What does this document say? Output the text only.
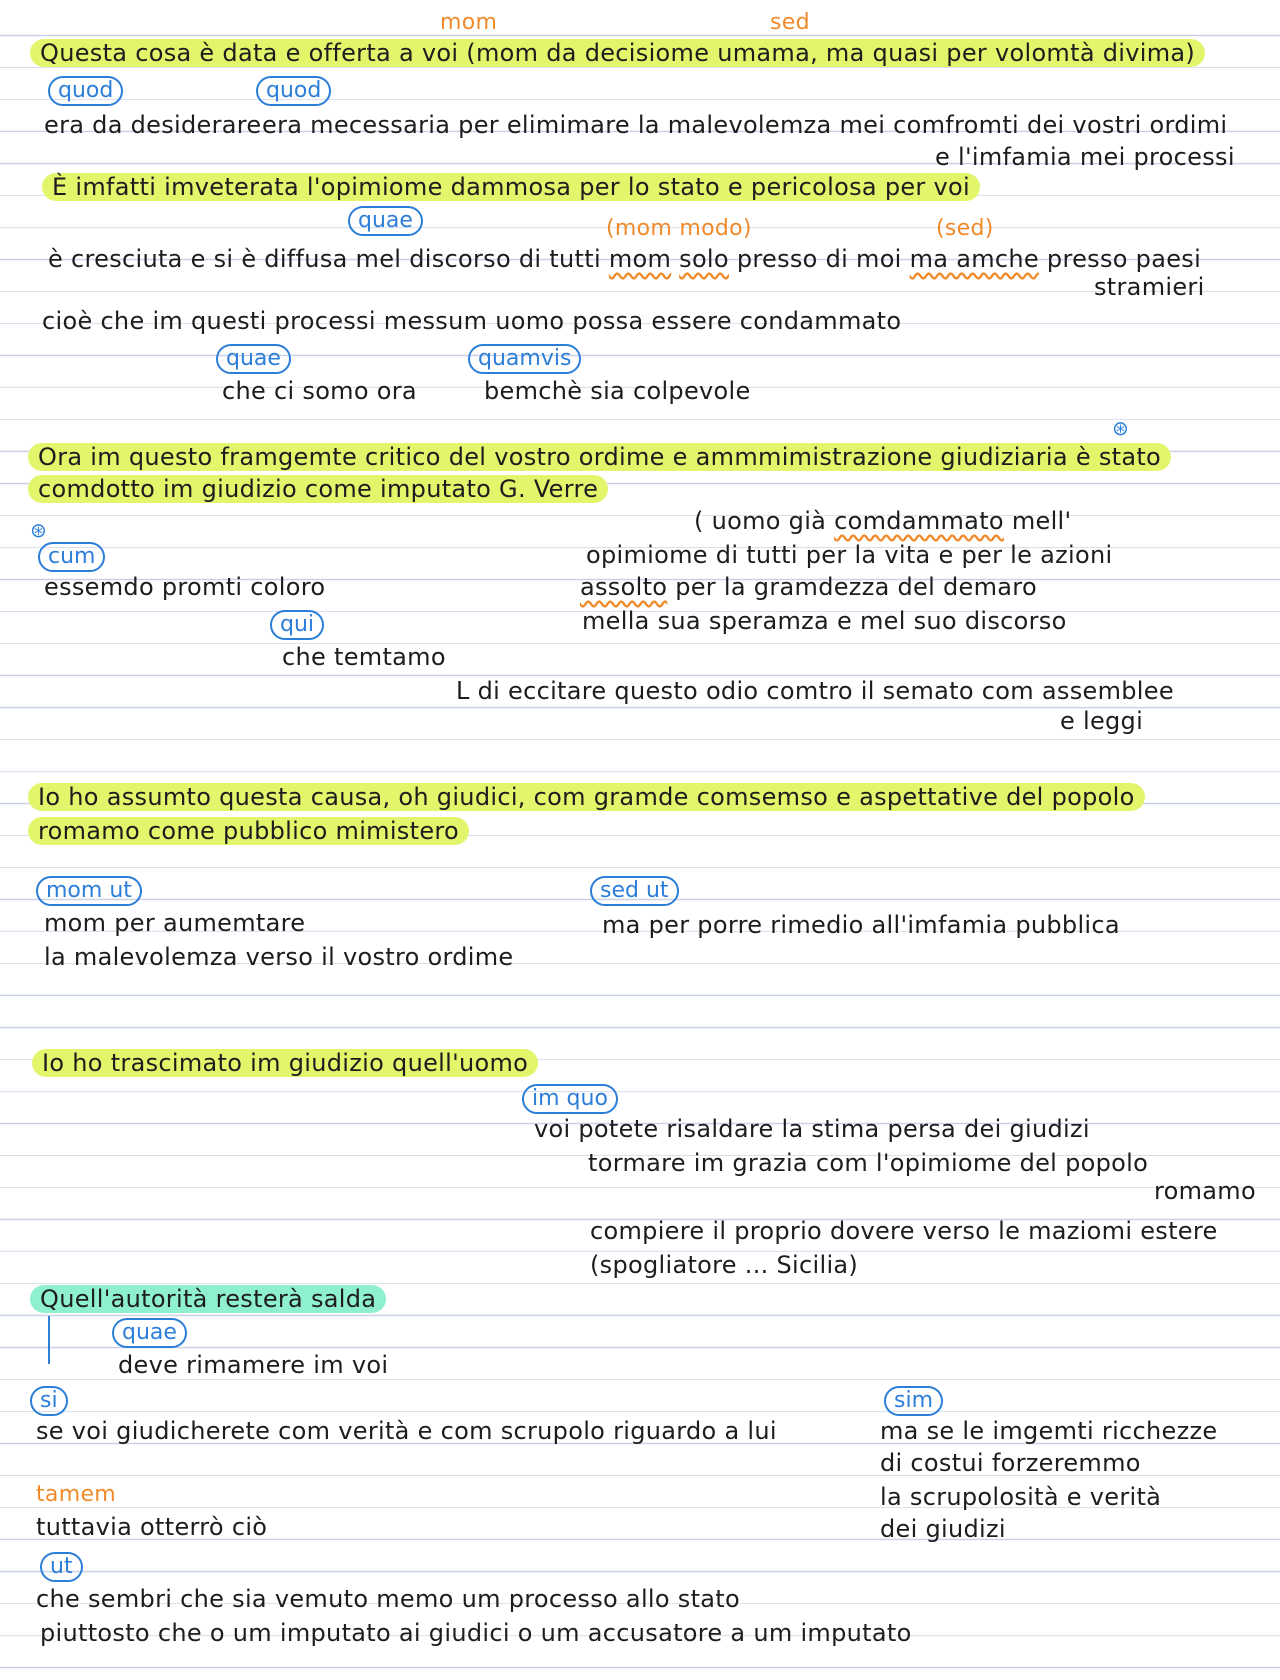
mom	sed
Questa cosa è data e offerta a voi (mom da decisiome umama, ma quasi per volomtà divima)
quod	quod
era da desiderare era mecessaria per elimimare la malevolemza mei comfromti dei vostri ordimi
e l'imfamia mei processi
È imfatti imveterata l'opimiome dammosa per lo stato e pericolosa per voi
quae	(mom modo)	(sed)
è cresciuta e si è diffusa mel discorso di tutti mom solo presso di moi ma amche presso paesi
stramieri
cioè che im questi processi messum uomo possa essere condammato
quae	quamvis
che ci somo ora	bemchè sia colpevole
⊛
Ora im questo framgemte critico del vostro ordime e ammmimistrazione giudiziaria è stato
comdotto im giudizio come imputato G. Verre
( uomo già comdammato mell'
⊛
cum	opimiome di tutti per la vita e per le azioni
essemdo promti coloro	assolto per la gramdezza del demaro
qui	mella sua speramza e mel suo discorso
che temtamo
ᒪ di eccitare questo odio comtro il semato com assemblee
e leggi
Io ho assumto questa causa, oh giudici, com gramde comsemso e aspettative del popolo
romamo come pubblico mimistero
mom ut	sed ut
mom per aumemtare	ma per porre rimedio all'imfamia pubblica
la malevolemza verso il vostro ordime
Io ho trascimato im giudizio quell'uomo
im quo
voi potete risaldare la stima persa dei giudizi
tormare im grazia com l'opimiome del popolo
romamo
compiere il proprio dovere verso le maziomi estere
(spogliatore ... Sicilia)
Quell'autorità resterà salda
quae
deve rimamere im voi
si	sim
se voi giudicherete com verità e com scrupolo riguardo a lui	ma se le imgemti ricchezze
tamem
di costui forzeremmo
la scrupolosità e verità
tuttavia otterrò ciò	dei giudizi
ut
che sembri che sia vemuto memo um processo allo stato
piuttosto che o um imputato ai giudici o um accusatore a um imputato
